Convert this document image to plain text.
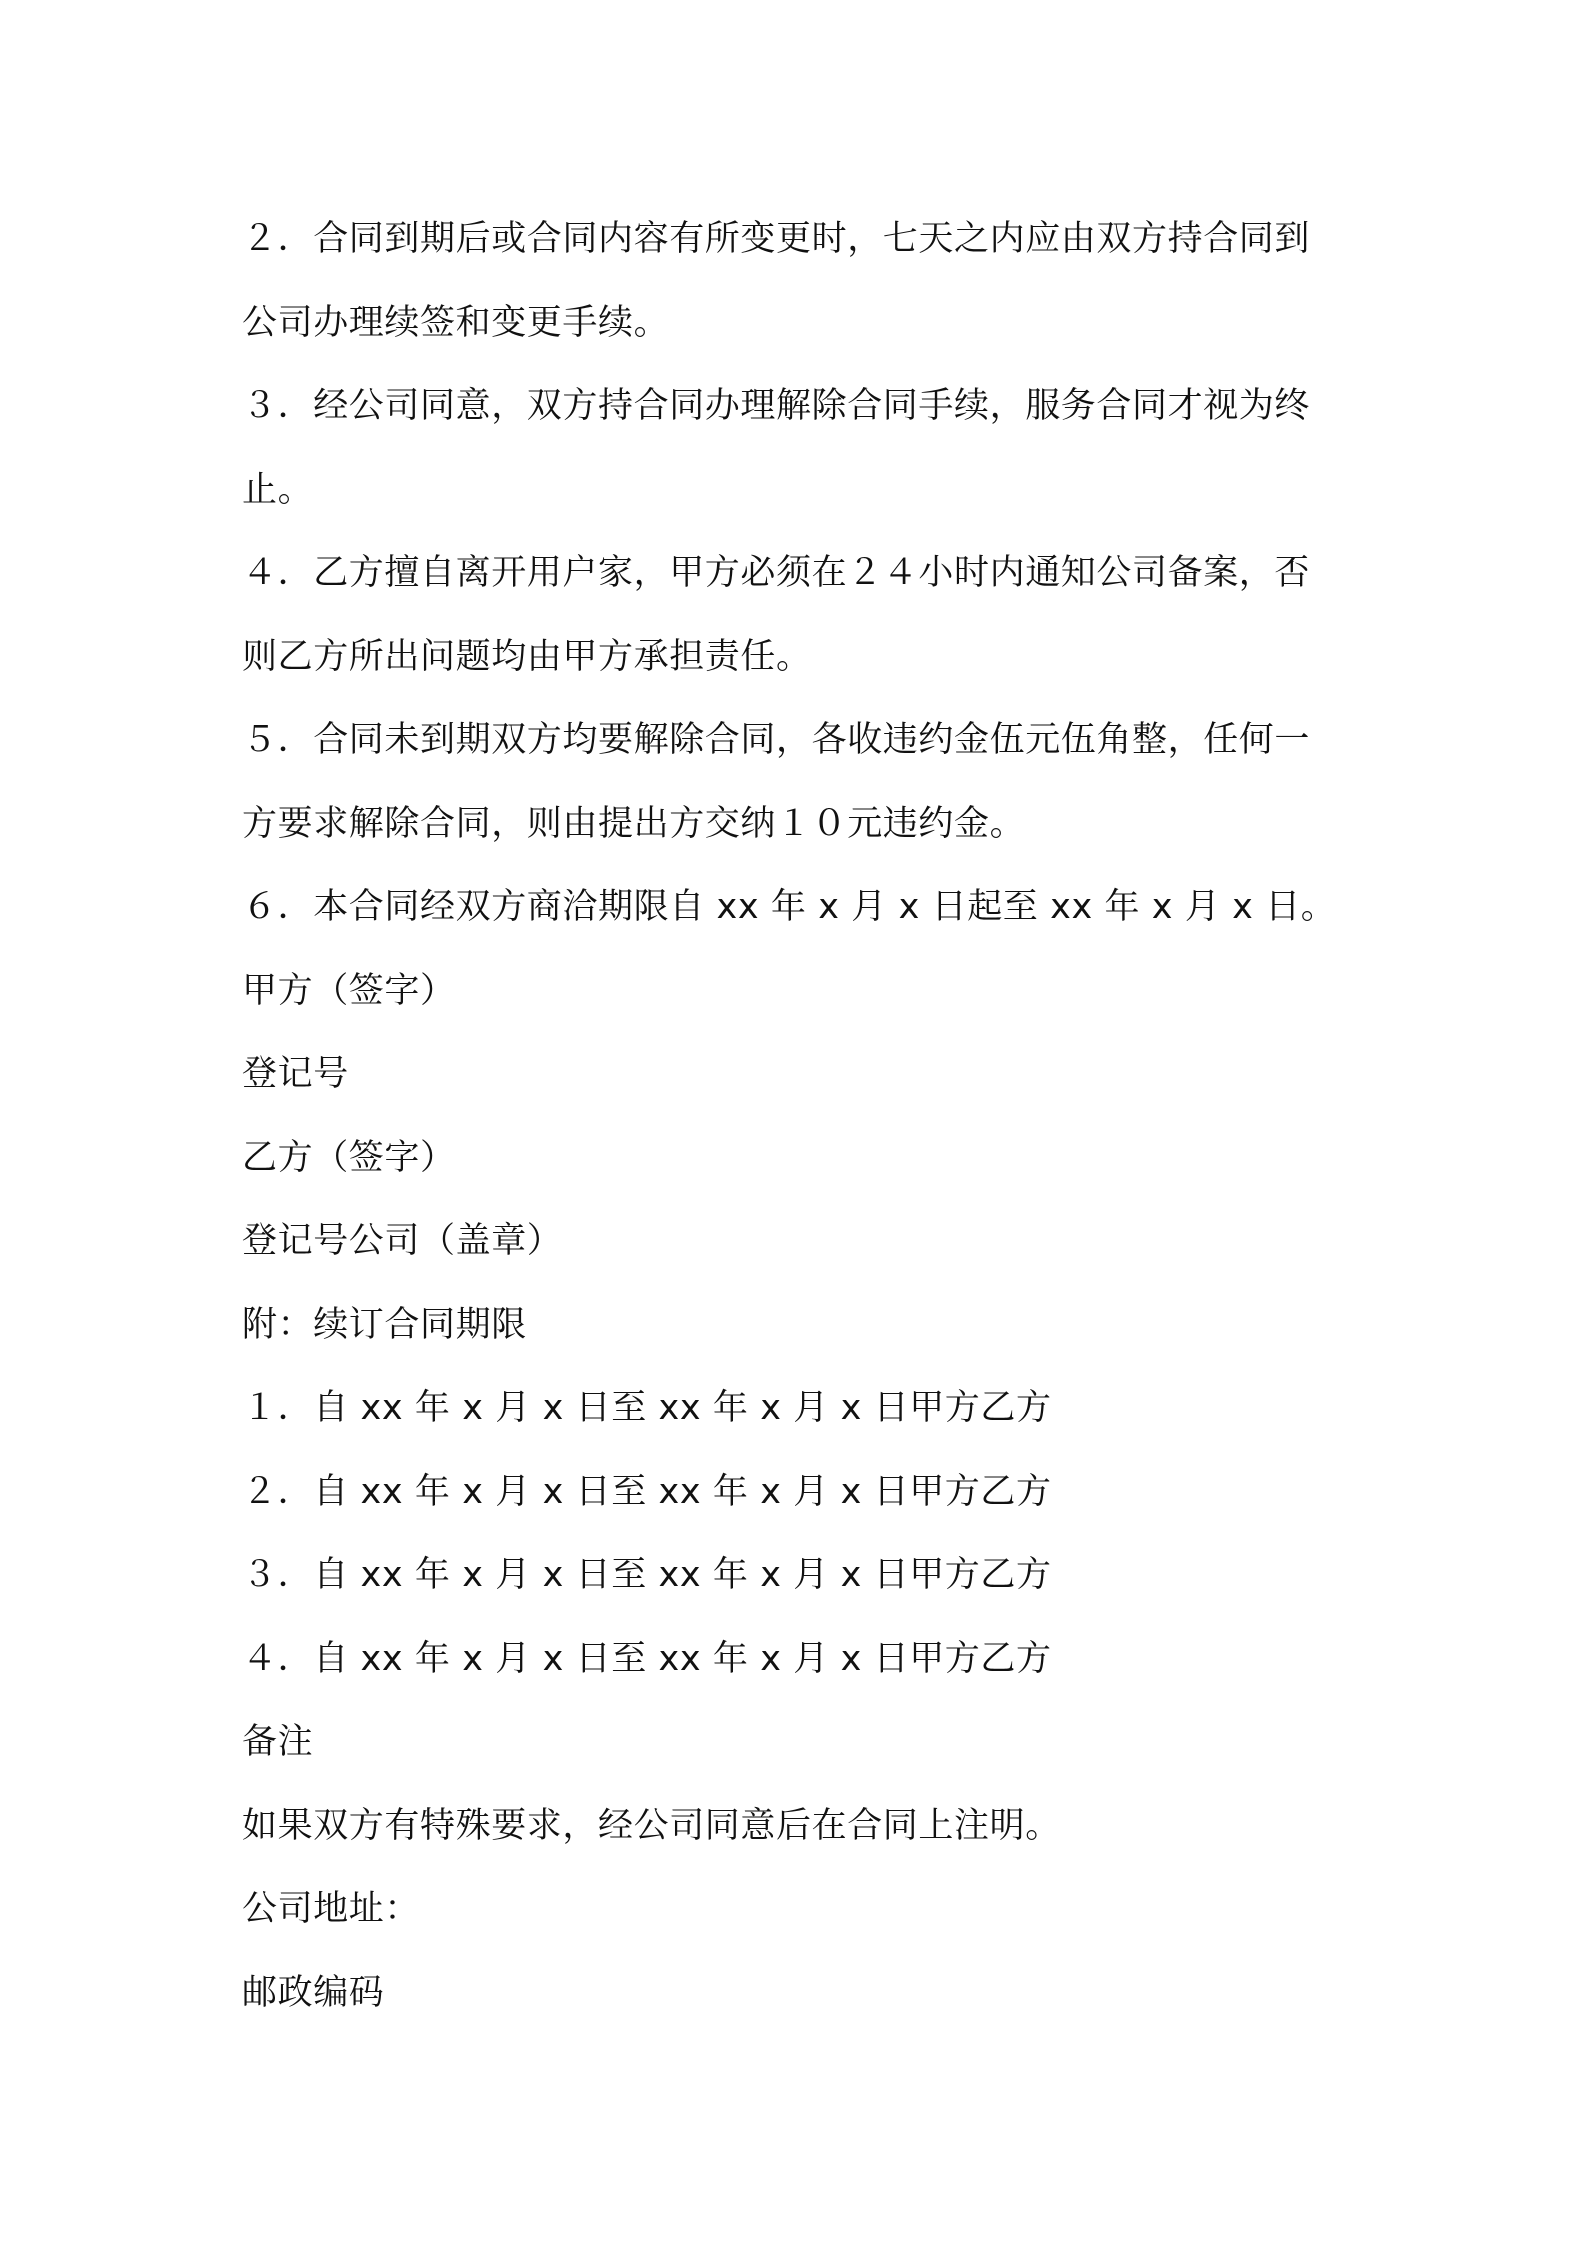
２．合同到期后或合同内容有所变更时，七天之内应由双方持合同到
公司办理续签和变更手续。
３．经公司同意，双方持合同办理解除合同手续，服务合同才视为终
止。
４．乙方擅自离开用户家，甲方必须在２４小时内通知公司备案，否
则乙方所出问题均由甲方承担责任。
５．合同未到期双方均要解除合同，各收违约金伍元伍角整，任何一
方要求解除合同，则由提出方交纳１０元违约金。
６．本合同经双方商洽期限自 xx 年 x 月 x 日起至 xx 年 x 月 x 日。
甲方（签字）
登记号
乙方（签字）
登记号公司（盖章）
附：续订合同期限
１．自 xx 年 x 月 x 日至 xx 年 x 月 x 日甲方乙方
２．自 xx 年 x 月 x 日至 xx 年 x 月 x 日甲方乙方
３．自 xx 年 x 月 x 日至 xx 年 x 月 x 日甲方乙方
４．自 xx 年 x 月 x 日至 xx 年 x 月 x 日甲方乙方
备注
如果双方有特殊要求，经公司同意后在合同上注明。
公司地址：
邮政编码
